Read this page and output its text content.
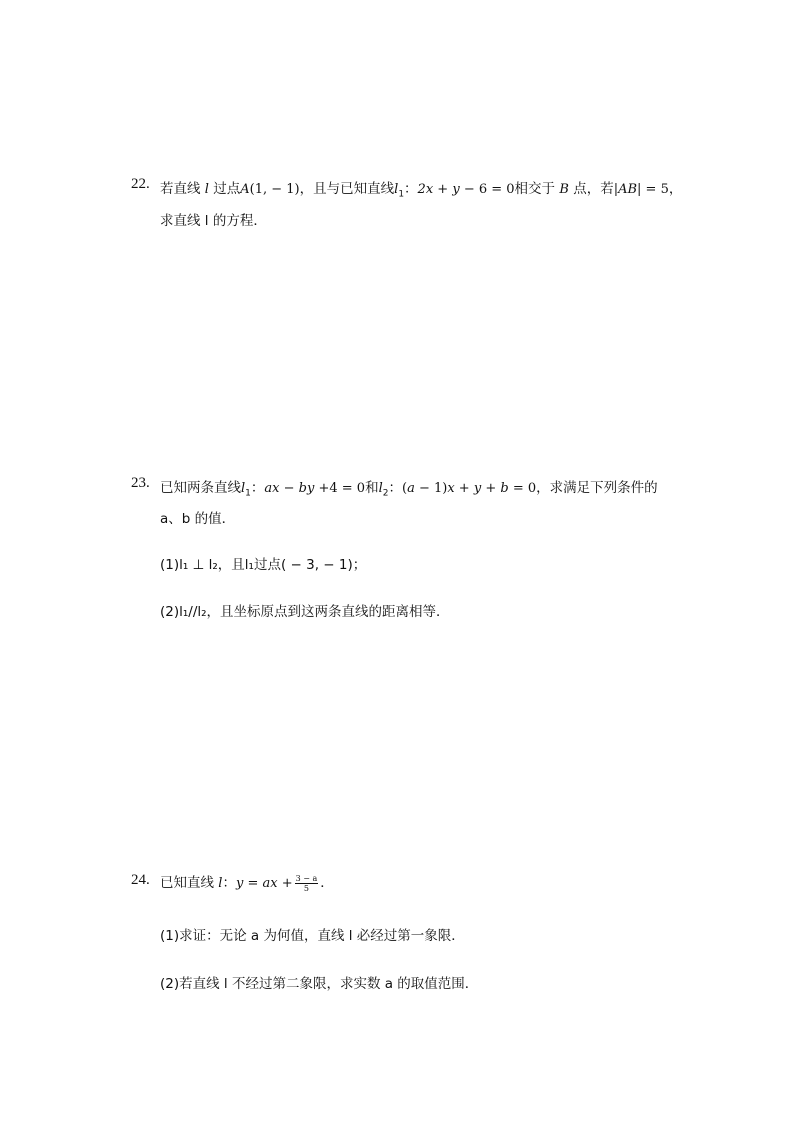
22. 若直线 l 过点A(1, − 1)，且与已知直线$l_1$：2x + y − 6 = 0相交于 B 点，若|AB| = 5，
求直线 l 的方程．
23. 已知两条直线$l_1$：ax − by +4 = 0和$l_2$：(a − 1)x + y + b = 0，求满足下列条件的
a、b 的值．
(1)l₁ ⊥ l₂，且l₁过点( − 3, − 1)；
(2)l₁//l₂，且坐标原点到这两条直线的距离相等．
24. 已知直线 l：y = ax + $\frac{3 - a}{5}$ ．
(1)求证：无论 a 为何值，直线 l 必经过第一象限．
(2)若直线 l 不经过第二象限，求实数 a 的取值范围．
